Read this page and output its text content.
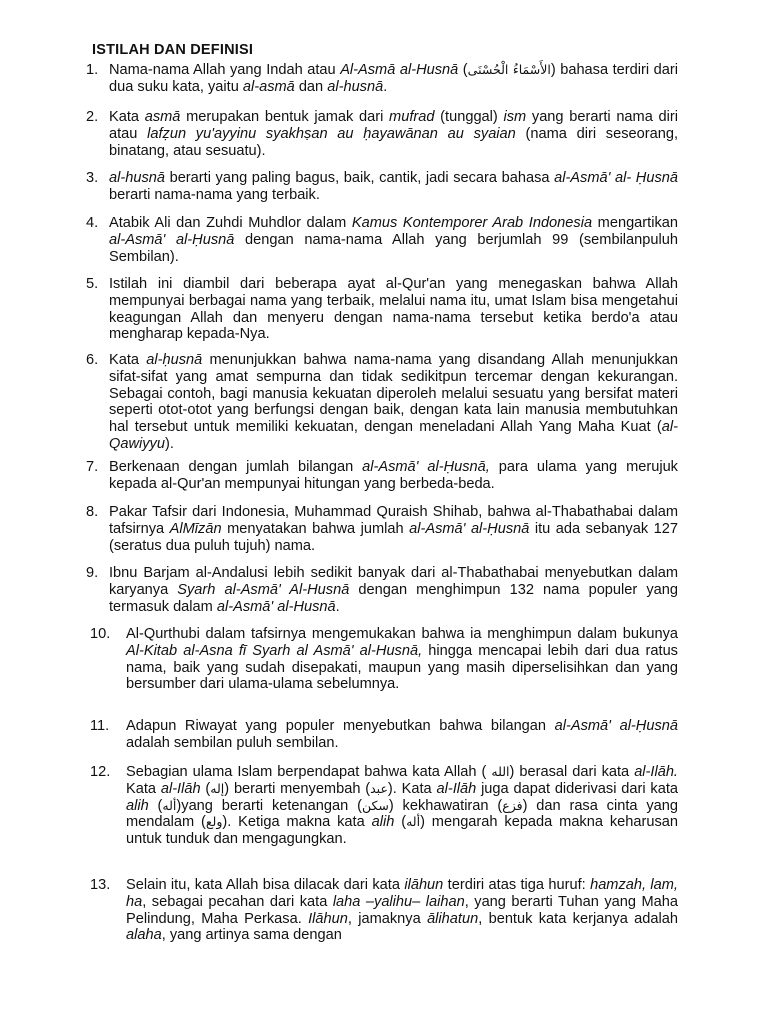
ISTILAH DAN DEFINISI
1. Nama-nama Allah yang Indah atau Al-Asmā al-Husnā (الأَسْمَاءُ الْحُسْنَى) bahasa terdiri dari dua suku kata, yaitu al-asmā dan al-husnā.
2. Kata asmā merupakan bentuk jamak dari mufrad (tunggal) ism yang berarti nama diri atau lafẓun yu'ayyinu syakhṣan au ḥayawānan au syaian (nama diri seseorang, binatang, atau sesuatu).
3. al-husnā berarti yang paling bagus, baik, cantik, jadi secara bahasa al-Asmā' al- Ḥusnā berarti nama-nama yang terbaik.
4. Atabik Ali dan Zuhdi Muhdlor dalam Kamus Kontemporer Arab Indonesia mengartikan al-Asmā' al-Ḥusnā dengan nama-nama Allah yang berjumlah 99 (sembilanpuluh Sembilan).
5. Istilah ini diambil dari beberapa ayat al-Qur'an yang menegaskan bahwa Allah mempunyai berbagai nama yang terbaik, melalui nama itu, umat Islam bisa mengetahui keagungan Allah dan menyeru dengan nama-nama tersebut ketika berdo'a atau mengharap kepada-Nya.
6. Kata al-ḥusnā menunjukkan bahwa nama-nama yang disandang Allah menunjukkan sifat-sifat yang amat sempurna dan tidak sedikitpun tercemar dengan kekurangan. Sebagai contoh, bagi manusia kekuatan diperoleh melalui sesuatu yang bersifat materi seperti otot-otot yang berfungsi dengan baik, dengan kata lain manusia membutuhkan hal tersebut untuk memiliki kekuatan, dengan meneladani Allah Yang Maha Kuat (al-Qawiyyu).
7. Berkenaan dengan jumlah bilangan al-Asmā' al-Ḥusnā, para ulama yang merujuk kepada al-Qur'an mempunyai hitungan yang berbeda-beda.
8. Pakar Tafsir dari Indonesia, Muhammad Quraish Shihab, bahwa al-Thabathabai dalam tafsirnya AlMīzān menyatakan bahwa jumlah al-Asmā' al-Ḥusnā itu ada sebanyak 127 (seratus dua puluh tujuh) nama.
9. Ibnu Barjam al-Andalusi lebih sedikit banyak dari al-Thabathabai menyebutkan dalam karyanya Syarh al-Asmā' Al-Husnā dengan menghimpun 132 nama populer yang termasuk dalam al-Asmā' al-Husnā.
10. Al-Qurthubi dalam tafsirnya mengemukakan bahwa ia menghimpun dalam bukunya Al-Kitab al-Asna fī Syarh al Asmā' al-Husnā, hingga mencapai lebih dari dua ratus nama, baik yang sudah disepakati, maupun yang masih diperselisihkan dan yang bersumber dari ulama-ulama sebelumnya.
11. Adapun Riwayat yang populer menyebutkan bahwa bilangan al-Asmā' al-Ḥusnā adalah sembilan puluh sembilan.
12. Sebagian ulama Islam berpendapat bahwa kata Allah ( الله) berasal dari kata al-Ilāh. Kata al-Ilāh (إله) berarti menyembah (عبد). Kata al-Ilāh juga dapat diderivasi dari kata alih (أله)yang berarti ketenangan (سكن) kekhawatiran (فزع) dan rasa cinta yang mendalam (ولع). Ketiga makna kata alih (أله) mengarah kepada makna keharusan untuk tunduk dan mengagungkan.
13. Selain itu, kata Allah bisa dilacak dari kata ilāhun terdiri atas tiga huruf: hamzah, lam, ha, sebagai pecahan dari kata laha –yalihu– laihan, yang berarti Tuhan yang Maha Pelindung, Maha Perkasa. Ilāhun, jamaknya ālihatun, bentuk kata kerjanya adalah alaha, yang artinya sama dengan
